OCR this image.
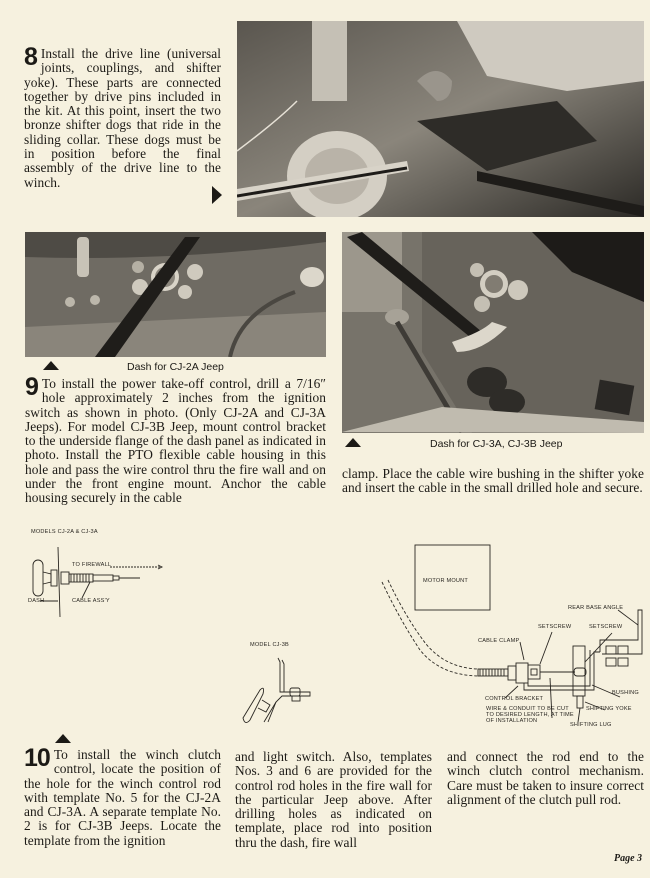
8 Install the drive line (universal joints, couplings, and shifter yoke). These parts are connected together by drive pins included in the kit. At this point, insert the two bronze shifter dogs that ride in the sliding collar. These dogs must be in position before the final assembly of the drive line to the winch.
Dash for CJ-2A Jeep
Dash for CJ-3A, CJ-3B Jeep
9 To install the power take-off control, drill a 7/16″ hole approximately 2 inches from the ignition switch as shown in photo. (Only CJ-2A and CJ-3A Jeeps). For model CJ-3B Jeep, mount control bracket to the underside flange of the dash panel as indicated in photo. Install the PTO flexible cable housing in this hole and pass the wire control thru the fire wall and on under the front engine mount. Anchor the cable housing securely in the cable
clamp. Place the cable wire bushing in the shifter yoke and insert the cable in the small drilled hole and secure.
MODELS CJ-2A & CJ-3A
TO FIREWALL
DASH	CABLE ASS'Y
MODEL CJ-3B
MOTOR MOUNT
REAR BASE ANGLE
SETSCREW	SETSCREW
CABLE CLAMP
CONTROL BRACKET
BUSHING
SHIFTING YOKE
WIRE & CONDUIT TO BE CUT
TO DESIRED LENGTH, AT TIME
OF INSTALLATION
SHIFTING LUG
10 To install the winch clutch control, locate the position of the hole for the winch control rod with template No. 5 for the CJ-2A and CJ-3A. A separate template No. 2 is for CJ-3B Jeeps. Locate the template from the ignition
and light switch. Also, templates Nos. 3 and 6 are provided for the control rod holes in the fire wall for the particular Jeep above. After drilling holes as indicated on template, place rod into position thru the dash, fire wall
and connect the rod end to the winch clutch control mechanism. Care must be taken to insure correct alignment of the clutch pull rod.
Page 3
